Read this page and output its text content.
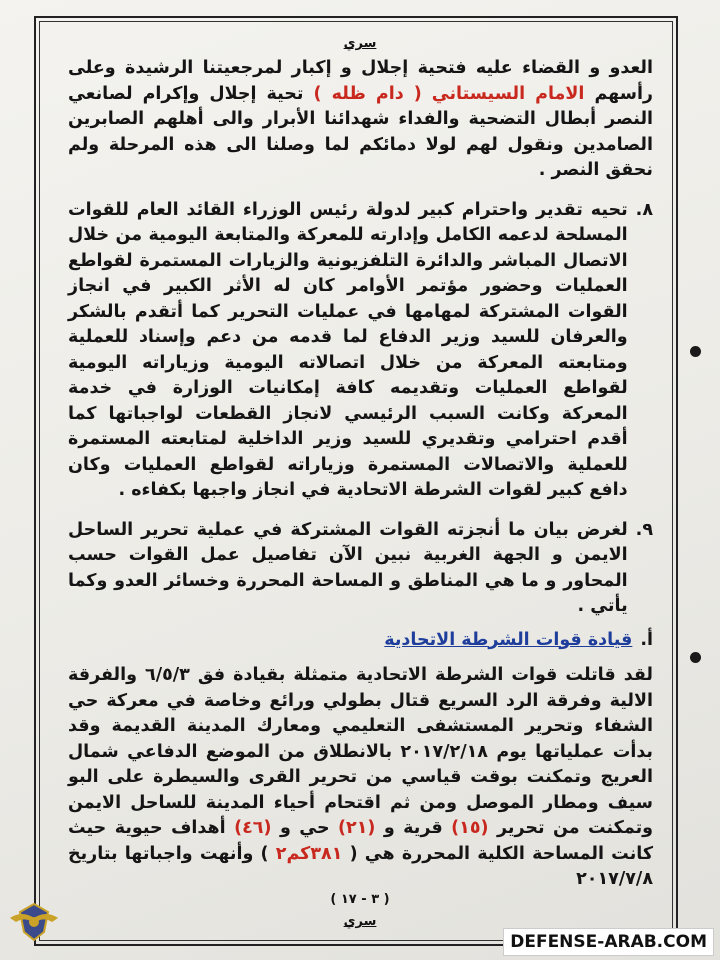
سري

العدو و القضاء عليه فتحية إجلال و إكبار لمرجعيتنا الرشيدة وعلى رأسهم الامام السيستاني ( دام ظله ) تحية إجلال وإكرام لصانعي النصر أبطال التضحية والفداء شهدائنا الأبرار والى أهلهم الصابرين الصامدين ونقول لهم لولا دمائكم لما وصلنا الى هذه المرحلة ولم نحقق النصر .

٨.
تحيه تقدير واحترام كبير لدولة رئيس الوزراء القائد العام للقوات المسلحة لدعمه الكامل وإدارته للمعركة والمتابعة اليومية من خلال الاتصال المباشر والدائرة التلفزيونية والزيارات المستمرة لقواطع العمليات وحضور مؤتمر الأوامر كان له الأثر الكبير في انجاز القوات المشتركة لمهامها في عمليات التحرير كما أتقدم بالشكر والعرفان للسيد وزير الدفاع لما قدمه من دعم وإسناد للعملية ومتابعته المعركة من خلال اتصالاته اليومية وزياراته اليومية لقواطع العمليات وتقديمه كافة إمكانيات الوزارة في خدمة المعركة وكانت السبب الرئيسي لانجاز القطعات لواجباتها كما أقدم احترامي وتقديري للسيد وزير الداخلية لمتابعته المستمرة للعملية والاتصالات المستمرة وزياراته لقواطع العمليات وكان دافع كبير لقوات الشرطة الاتحادية في انجاز واجبها بكفاءه .
٩.
لغرض بيان ما أنجزته القوات المشتركة في عملية تحرير الساحل الايمن و الجهة الغربية نبين الآن تفاصيل عمل القوات حسب المحاور و ما هي المناطق و المساحة المحررة وخسائر العدو وكما يأتي .
أ.
قيادة قوات الشرطة الاتحادية

لقد قاتلت قوات الشرطة الاتحادية متمثلة بقيادة فق ٦/٥/٣ والفرقة الالية وفرقة الرد السريع قتال بطولي ورائع وخاصة في معركة حي الشفاء وتحرير المستشفى التعليمي ومعارك المدينة القديمة وقد بدأت عملياتها يوم ٢٠١٧/٢/١٨ بالانطلاق من الموضع الدفاعي شمال العريج وتمكنت بوقت قياسي من تحرير القرى والسيطرة على البو سيف ومطار الموصل ومن ثم اقتحام أحياء المدينة للساحل الايمن وتمكنت من تحرير (١٥) قرية و (٢١) حي و (٤٦) أهداف حيوية حيث كانت المساحة الكلية المحررة هي ( ٣٨١كم٢ ) وأنهت واجباتها بتاريخ ٢٠١٧/٧/٨

( ٣ - ١٧ )
سري
DEFENSE-ARAB.COM
